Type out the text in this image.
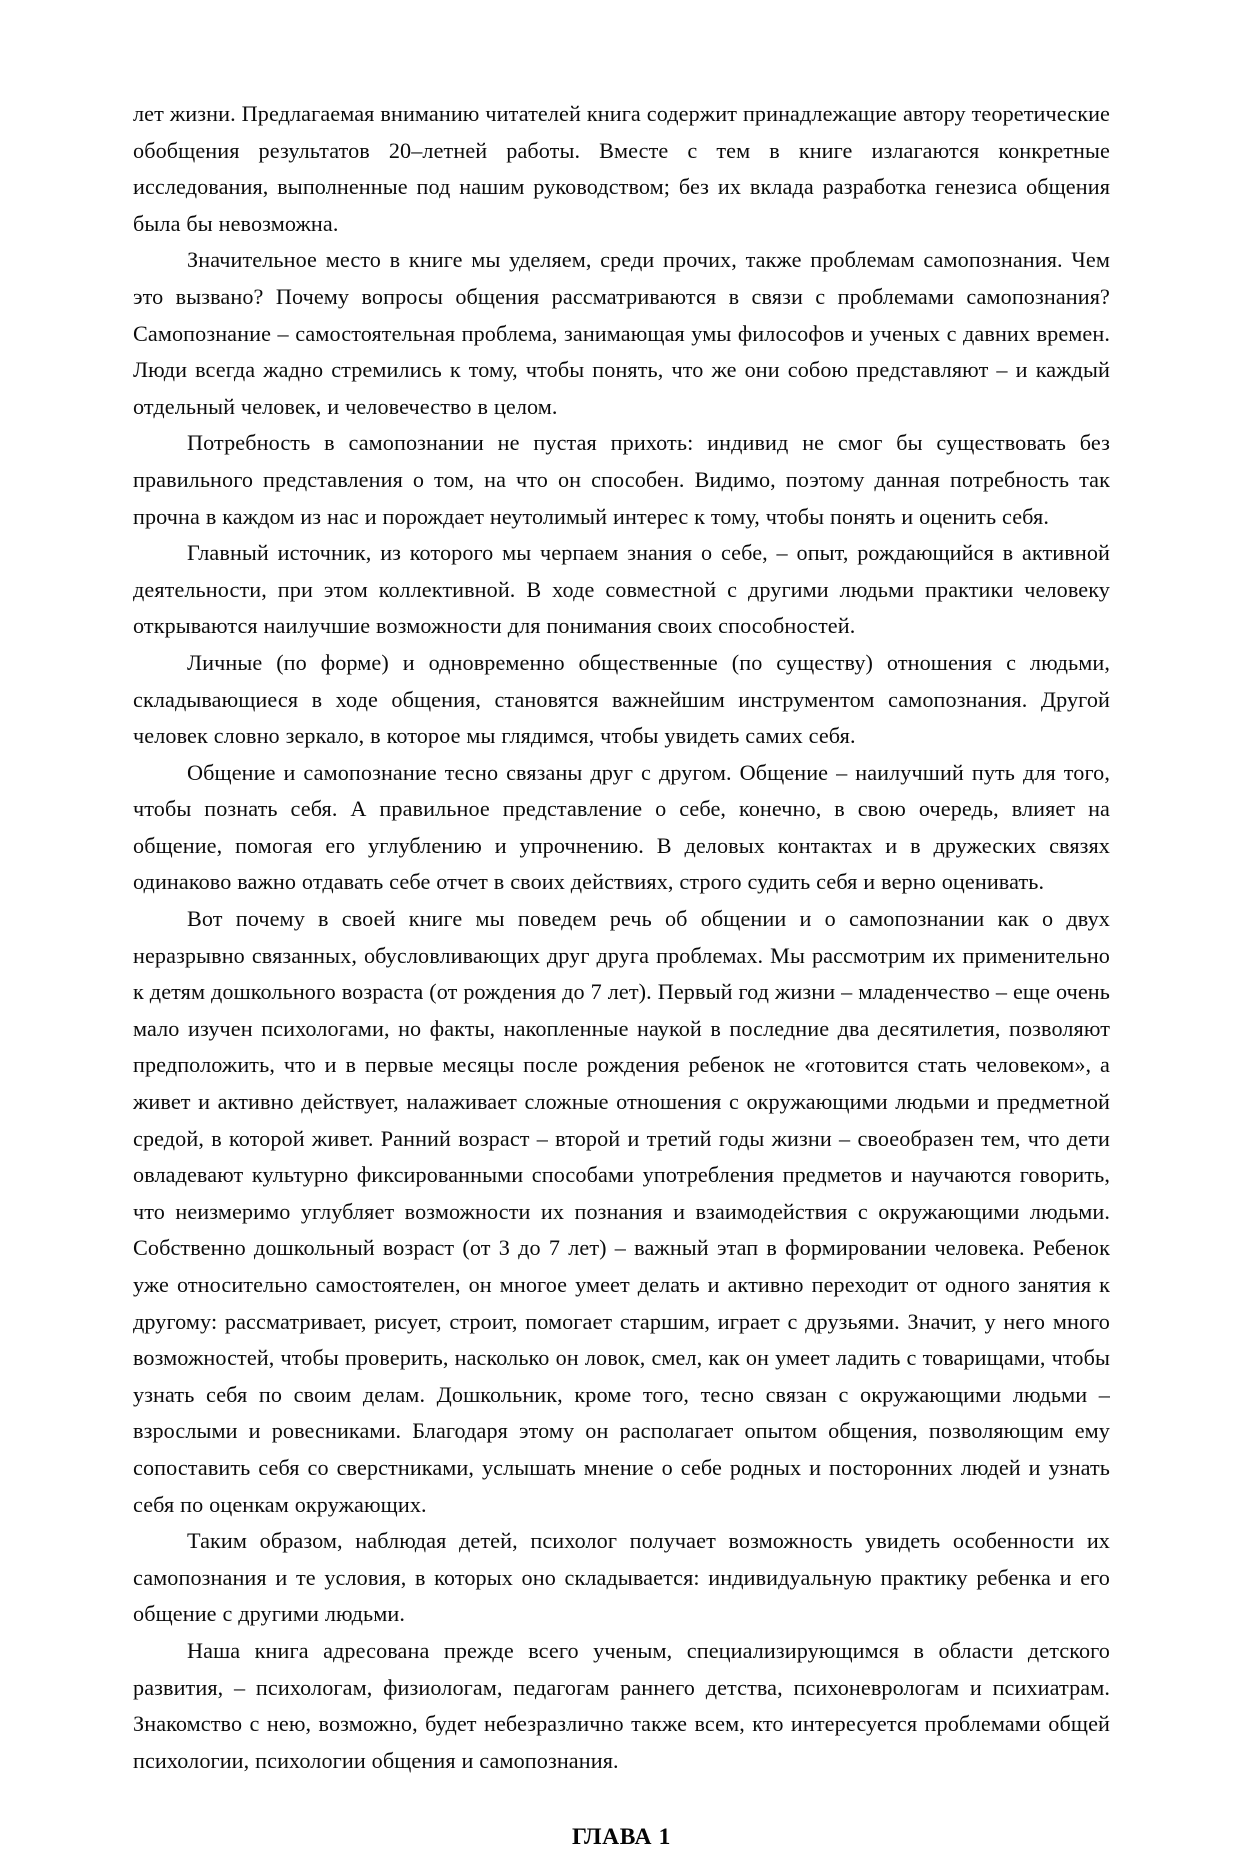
лет жизни. Предлагаемая вниманию читателей книга содержит принадлежащие автору теоретические обобщения результатов 20–летней работы. Вместе с тем в книге излагаются конкретные исследования, выполненные под нашим руководством; без их вклада разработка генезиса общения была бы невозможна.

Значительное место в книге мы уделяем, среди прочих, также проблемам самопознания. Чем это вызвано? Почему вопросы общения рассматриваются в связи с проблемами самопознания? Самопознание – самостоятельная проблема, занимающая умы философов и ученых с давних времен. Люди всегда жадно стремились к тому, чтобы понять, что же они собою представляют – и каждый отдельный человек, и человечество в целом.

Потребность в самопознании не пустая прихоть: индивид не смог бы существовать без правильного представления о том, на что он способен. Видимо, поэтому данная потребность так прочна в каждом из нас и порождает неутолимый интерес к тому, чтобы понять и оценить себя.

Главный источник, из которого мы черпаем знания о себе, – опыт, рождающийся в активной деятельности, при этом коллективной. В ходе совместной с другими людьми практики человеку открываются наилучшие возможности для понимания своих способностей.

Личные (по форме) и одновременно общественные (по существу) отношения с людьми, складывающиеся в ходе общения, становятся важнейшим инструментом самопознания. Другой человек словно зеркало, в которое мы глядимся, чтобы увидеть самих себя.

Общение и самопознание тесно связаны друг с другом. Общение – наилучший путь для того, чтобы познать себя. А правильное представление о себе, конечно, в свою очередь, влияет на общение, помогая его углублению и упрочнению. В деловых контактах и в дружеских связях одинаково важно отдавать себе отчет в своих действиях, строго судить себя и верно оценивать.

Вот почему в своей книге мы поведем речь об общении и о самопознании как о двух неразрывно связанных, обусловливающих друг друга проблемах. Мы рассмотрим их применительно к детям дошкольного возраста (от рождения до 7 лет). Первый год жизни – младенчество – еще очень мало изучен психологами, но факты, накопленные наукой в последние два десятилетия, позволяют предположить, что и в первые месяцы после рождения ребенок не «готовится стать человеком», а живет и активно действует, налаживает сложные отношения с окружающими людьми и предметной средой, в которой живет. Ранний возраст – второй и третий годы жизни – своеобразен тем, что дети овладевают культурно фиксированными способами употребления предметов и научаются говорить, что неизмеримо углубляет возможности их познания и взаимодействия с окружающими людьми. Собственно дошкольный возраст (от 3 до 7 лет) – важный этап в формировании человека. Ребенок уже относительно самостоятелен, он многое умеет делать и активно переходит от одного занятия к другому: рассматривает, рисует, строит, помогает старшим, играет с друзьями. Значит, у него много возможностей, чтобы проверить, насколько он ловок, смел, как он умеет ладить с товарищами, чтобы узнать себя по своим делам. Дошкольник, кроме того, тесно связан с окружающими людьми – взрослыми и ровесниками. Благодаря этому он располагает опытом общения, позволяющим ему сопоставить себя со сверстниками, услышать мнение о себе родных и посторонних людей и узнать себя по оценкам окружающих.

Таким образом, наблюдая детей, психолог получает возможность увидеть особенности их самопознания и те условия, в которых оно складывается: индивидуальную практику ребенка и его общение с другими людьми.

Наша книга адресована прежде всего ученым, специализирующимся в области детского развития, – психологам, физиологам, педагогам раннего детства, психоневрологам и психиатрам. Знакомство с нею, возможно, будет небезразлично также всем, кто интересуется проблемами общей психологии, психологии общения и самопознания.

ГЛАВА 1
